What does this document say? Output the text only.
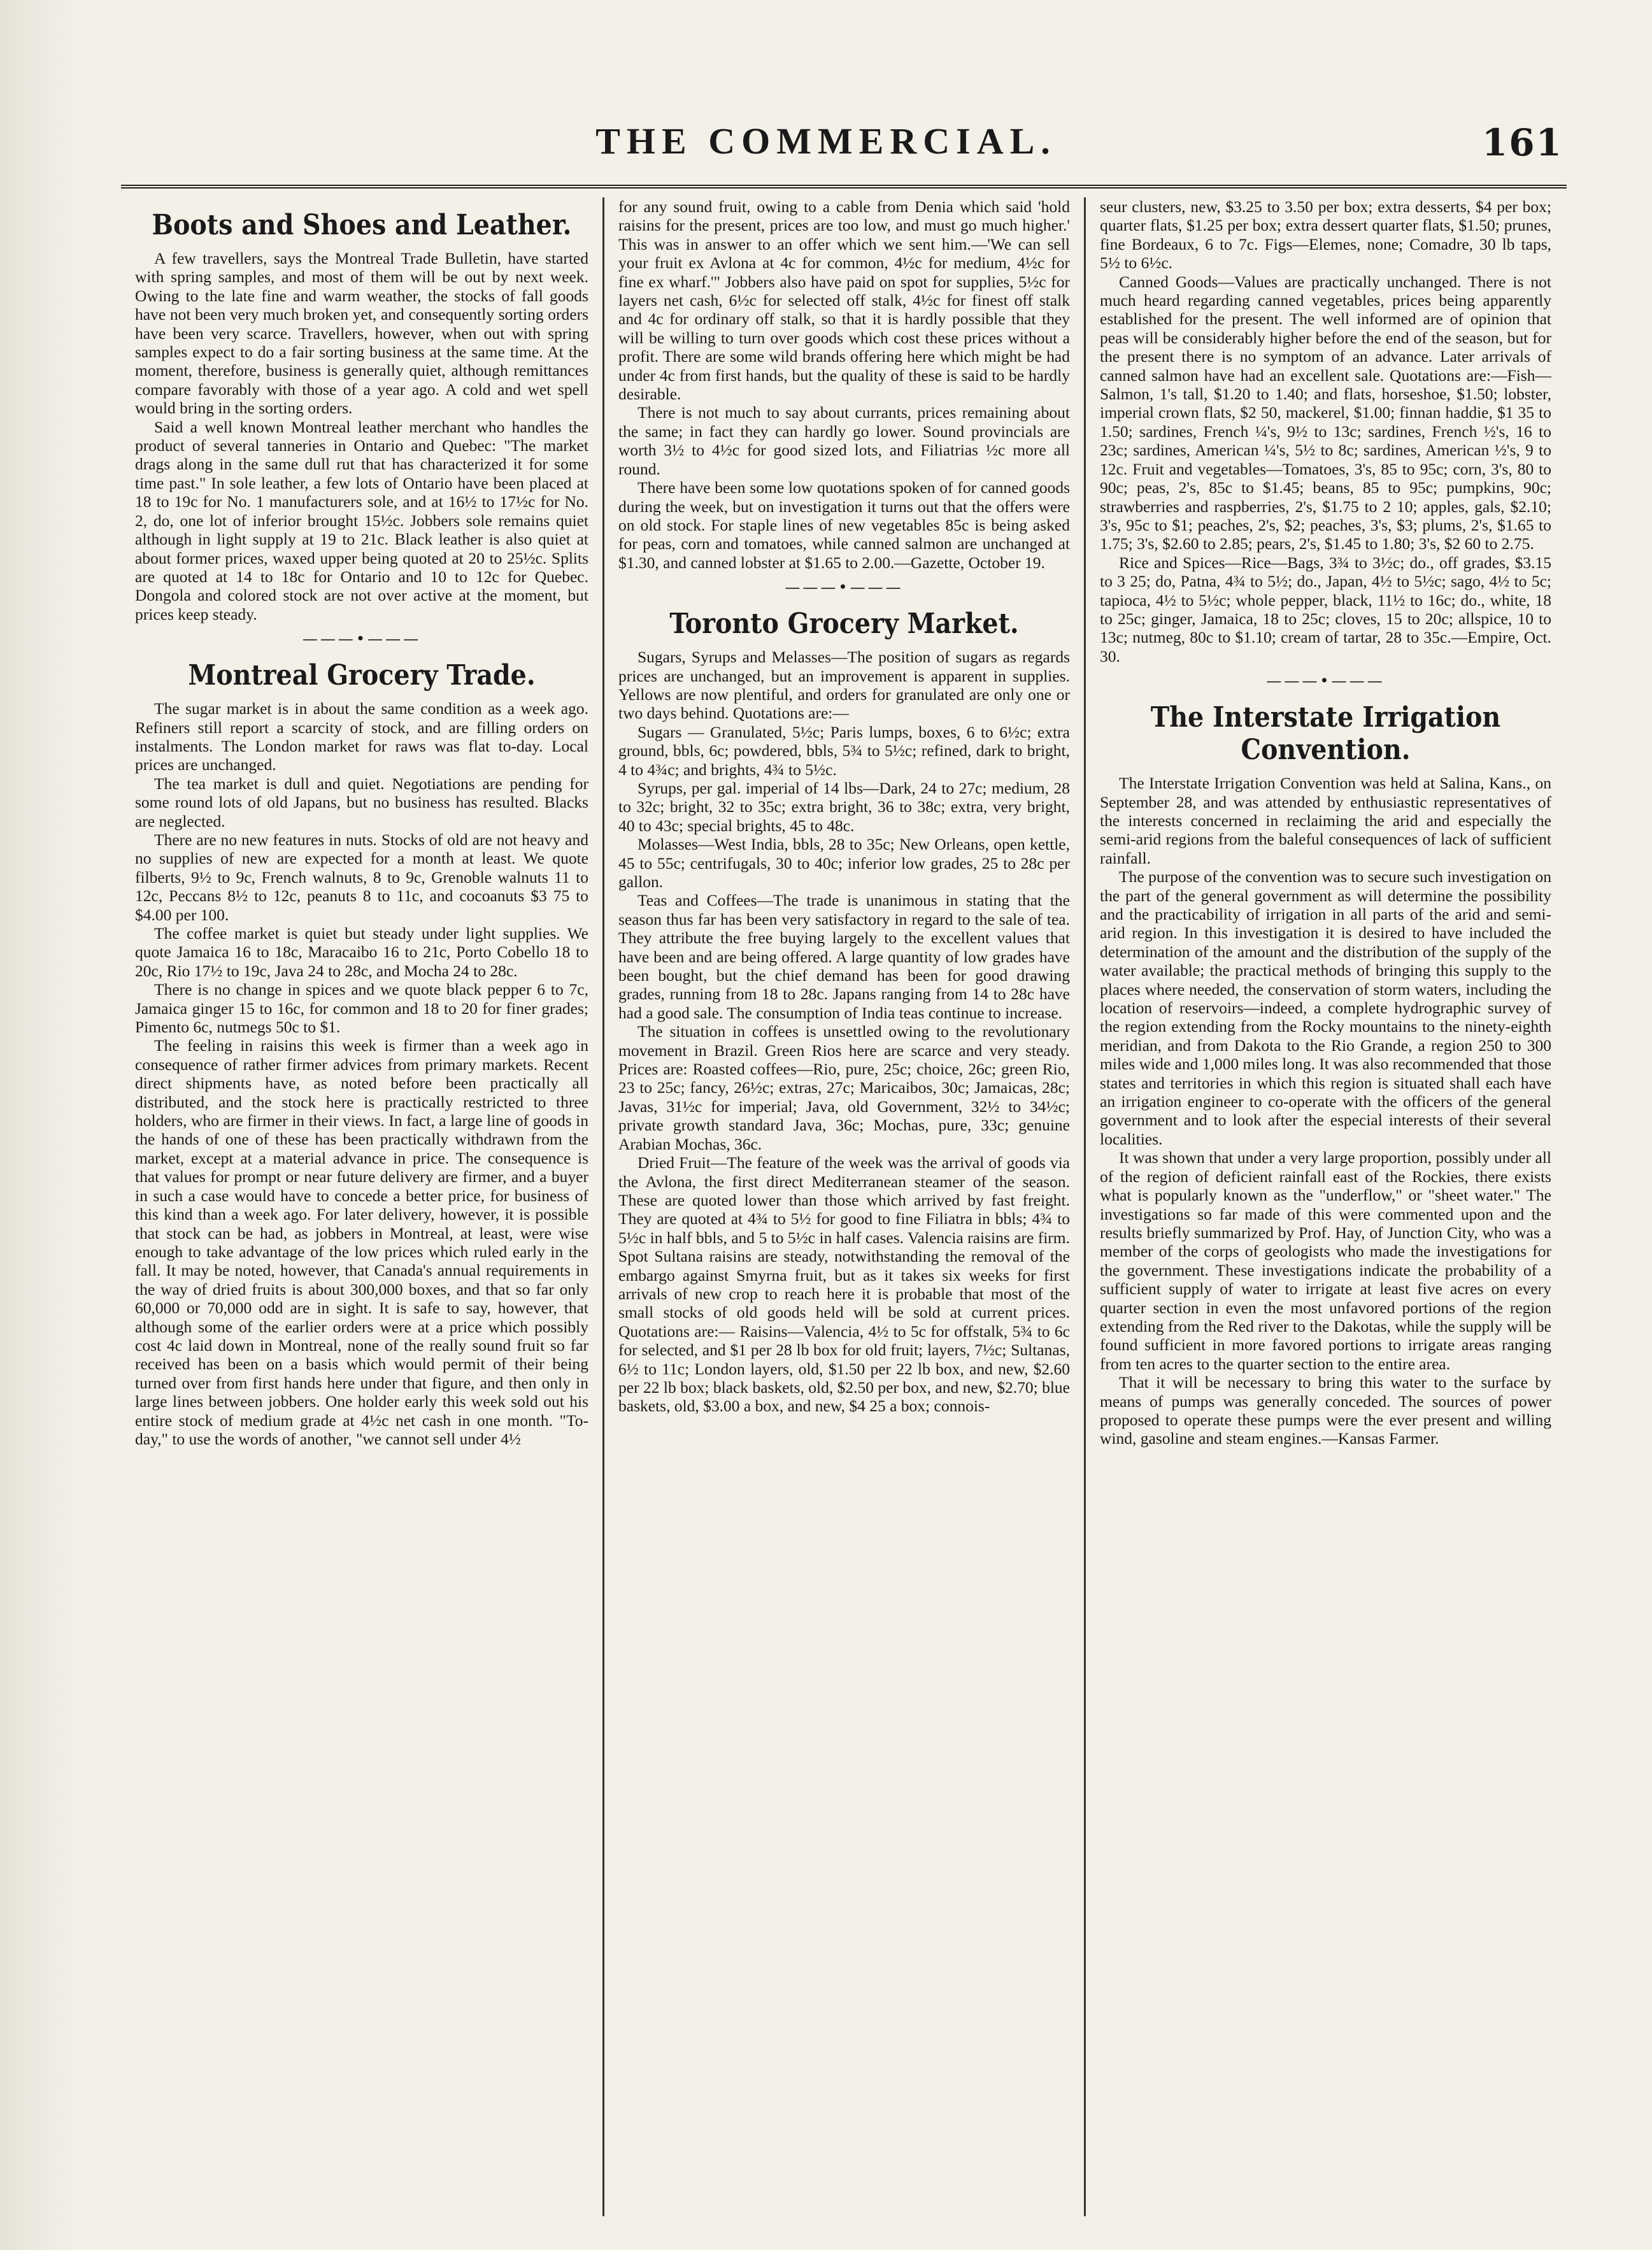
THE COMMERCIAL.	161
Boots and Shoes and Leather.

A few travellers, says the Montreal Trade Bulletin, have started with spring samples, and most of them will be out by next week. Owing to the late fine and warm weather, the stocks of fall goods have not been very much broken yet, and consequently sorting orders have been very scarce. Travellers, however, when out with spring samples expect to do a fair sorting business at the same time. At the moment, therefore, business is generally quiet, although remittances compare favorably with those of a year ago. A cold and wet spell would bring in the sorting orders.

Said a well known Montreal leather merchant who handles the product of several tanneries in Ontario and Quebec: "The market drags along in the same dull rut that has characterized it for some time past." In sole leather, a few lots of Ontario have been placed at 18 to 19c for No. 1 manufacturers sole, and at 16½ to 17½c for No. 2, do, one lot of inferior brought 15½c. Jobbers sole remains quiet although in light supply at 19 to 21c. Black leather is also quiet at about former prices, waxed upper being quoted at 20 to 25½c. Splits are quoted at 14 to 18c for Ontario and 10 to 12c for Quebec. Dongola and colored stock are not over active at the moment, but prices keep steady.

———•———
Montreal Grocery Trade.

The sugar market is in about the same condition as a week ago. Refiners still report a scarcity of stock, and are filling orders on instalments. The London market for raws was flat to-day. Local prices are unchanged.

The tea market is dull and quiet. Negotiations are pending for some round lots of old Japans, but no business has resulted. Blacks are neglected.

There are no new features in nuts. Stocks of old are not heavy and no supplies of new are expected for a month at least. We quote filberts, 9½ to 9c, French walnuts, 8 to 9c, Grenoble walnuts 11 to 12c, Peccans 8½ to 12c, peanuts 8 to 11c, and cocoanuts $3 75 to $4.00 per 100.

The coffee market is quiet but steady under light supplies. We quote Jamaica 16 to 18c, Maracaibo 16 to 21c, Porto Cobello 18 to 20c, Rio 17½ to 19c, Java 24 to 28c, and Mocha 24 to 28c.

There is no change in spices and we quote black pepper 6 to 7c, Jamaica ginger 15 to 16c, for common and 18 to 20 for finer grades; Pimento 6c, nutmegs 50c to $1.

The feeling in raisins this week is firmer than a week ago in consequence of rather firmer advices from primary markets. Recent direct shipments have, as noted before been practically all distributed, and the stock here is practically restricted to three holders, who are firmer in their views. In fact, a large line of goods in the hands of one of these has been practically withdrawn from the market, except at a material advance in price. The consequence is that values for prompt or near future delivery are firmer, and a buyer in such a case would have to concede a better price, for business of this kind than a week ago. For later delivery, however, it is possible that stock can be had, as jobbers in Montreal, at least, were wise enough to take advantage of the low prices which ruled early in the fall. It may be noted, however, that Canada's annual requirements in the way of dried fruits is about 300,000 boxes, and that so far only 60,000 or 70,000 odd are in sight. It is safe to say, however, that although some of the earlier orders were at a price which possibly cost 4c laid down in Montreal, none of the really sound fruit so far received has been on a basis which would permit of their being turned over from first hands here under that figure, and then only in large lines between jobbers. One holder early this week sold out his entire stock of medium grade at 4½c net cash in one month. "To-day," to use the words of another, "we cannot sell under 4½

for any sound fruit, owing to a cable from Denia which said 'hold raisins for the present, prices are too low, and must go much higher.' This was in answer to an offer which we sent him.—'We can sell your fruit ex Avlona at 4c for common, 4½c for medium, 4½c for fine ex wharf.'" Jobbers also have paid on spot for supplies, 5½c for layers net cash, 6½c for selected off stalk, 4½c for finest off stalk and 4c for ordinary off stalk, so that it is hardly possible that they will be willing to turn over goods which cost these prices without a profit. There are some wild brands offering here which might be had under 4c from first hands, but the quality of these is said to be hardly desirable.

There is not much to say about currants, prices remaining about the same; in fact they can hardly go lower. Sound provincials are worth 3½ to 4½c for good sized lots, and Filiatrias ½c more all round.

There have been some low quotations spoken of for canned goods during the week, but on investigation it turns out that the offers were on old stock. For staple lines of new vegetables 85c is being asked for peas, corn and tomatoes, while canned salmon are unchanged at $1.30, and canned lobster at $1.65 to 2.00.—Gazette, October 19.

———•———
Toronto Grocery Market.

Sugars, Syrups and Melasses—The position of sugars as regards prices are unchanged, but an improvement is apparent in supplies. Yellows are now plentiful, and orders for granulated are only one or two days behind. Quotations are:—

Sugars — Granulated, 5½c; Paris lumps, boxes, 6 to 6½c; extra ground, bbls, 6c; powdered, bbls, 5¾ to 5½c; refined, dark to bright, 4 to 4¾c; and brights, 4¾ to 5½c.

Syrups, per gal. imperial of 14 lbs—Dark, 24 to 27c; medium, 28 to 32c; bright, 32 to 35c; extra bright, 36 to 38c; extra, very bright, 40 to 43c; special brights, 45 to 48c.

Molasses—West India, bbls, 28 to 35c; New Orleans, open kettle, 45 to 55c; centrifugals, 30 to 40c; inferior low grades, 25 to 28c per gallon.

Teas and Coffees—The trade is unanimous in stating that the season thus far has been very satisfactory in regard to the sale of tea. They attribute the free buying largely to the excellent values that have been and are being offered. A large quantity of low grades have been bought, but the chief demand has been for good drawing grades, running from 18 to 28c. Japans ranging from 14 to 28c have had a good sale. The consumption of India teas continue to increase.

The situation in coffees is unsettled owing to the revolutionary movement in Brazil. Green Rios here are scarce and very steady. Prices are: Roasted coffees—Rio, pure, 25c; choice, 26c; green Rio, 23 to 25c; fancy, 26½c; extras, 27c; Maricaibos, 30c; Jamaicas, 28c; Javas, 31½c for imperial; Java, old Government, 32½ to 34½c; private growth standard Java, 36c; Mochas, pure, 33c; genuine Arabian Mochas, 36c.

Dried Fruit—The feature of the week was the arrival of goods via the Avlona, the first direct Mediterranean steamer of the season. These are quoted lower than those which arrived by fast freight. They are quoted at 4¾ to 5½ for good to fine Filiatra in bbls; 4¾ to 5½c in half bbls, and 5 to 5½c in half cases. Valencia raisins are firm. Spot Sultana raisins are steady, notwithstanding the removal of the embargo against Smyrna fruit, but as it takes six weeks for first arrivals of new crop to reach here it is probable that most of the small stocks of old goods held will be sold at current prices. Quotations are:— Raisins—Valencia, 4½ to 5c for offstalk, 5¾ to 6c for selected, and $1 per 28 lb box for old fruit; layers, 7½c; Sultanas, 6½ to 11c; London layers, old, $1.50 per 22 lb box, and new, $2.60 per 22 lb box; black baskets, old, $2.50 per box, and new, $2.70; blue baskets, old, $3.00 a box, and new, $4 25 a box; connois-

seur clusters, new, $3.25 to 3.50 per box; extra desserts, $4 per box; quarter flats, $1.25 per box; extra dessert quarter flats, $1.50; prunes, fine Bordeaux, 6 to 7c. Figs—Elemes, none; Comadre, 30 lb taps, 5½ to 6½c.

Canned Goods—Values are practically unchanged. There is not much heard regarding canned vegetables, prices being apparently established for the present. The well informed are of opinion that peas will be considerably higher before the end of the season, but for the present there is no symptom of an advance. Later arrivals of canned salmon have had an excellent sale. Quotations are:—Fish—Salmon, 1's tall, $1.20 to 1.40; and flats, horseshoe, $1.50; lobster, imperial crown flats, $2 50, mackerel, $1.00; finnan haddie, $1 35 to 1.50; sardines, French ¼'s, 9½ to 13c; sardines, French ½'s, 16 to 23c; sardines, American ¼'s, 5½ to 8c; sardines, American ½'s, 9 to 12c. Fruit and vegetables—Tomatoes, 3's, 85 to 95c; corn, 3's, 80 to 90c; peas, 2's, 85c to $1.45; beans, 85 to 95c; pumpkins, 90c; strawberries and raspberries, 2's, $1.75 to 2 10; apples, gals, $2.10; 3's, 95c to $1; peaches, 2's, $2; peaches, 3's, $3; plums, 2's, $1.65 to 1.75; 3's, $2.60 to 2.85; pears, 2's, $1.45 to 1.80; 3's, $2 60 to 2.75.

Rice and Spices—Rice—Bags, 3¾ to 3½c; do., off grades, $3.15 to 3 25; do, Patna, 4¾ to 5½; do., Japan, 4½ to 5½c; sago, 4½ to 5c; tapioca, 4½ to 5½c; whole pepper, black, 11½ to 16c; do., white, 18 to 25c; ginger, Jamaica, 18 to 25c; cloves, 15 to 20c; allspice, 10 to 13c; nutmeg, 80c to $1.10; cream of tartar, 28 to 35c.—Empire, Oct. 30.

———•———
The Interstate Irrigation Convention.

The Interstate Irrigation Convention was held at Salina, Kans., on September 28, and was attended by enthusiastic representatives of the interests concerned in reclaiming the arid and especially the semi-arid regions from the baleful consequences of lack of sufficient rainfall.

The purpose of the convention was to secure such investigation on the part of the general government as will determine the possibility and the practicability of irrigation in all parts of the arid and semi-arid region. In this investigation it is desired to have included the determination of the amount and the distribution of the supply of the water available; the practical methods of bringing this supply to the places where needed, the conservation of storm waters, including the location of reservoirs—indeed, a complete hydrographic survey of the region extending from the Rocky mountains to the ninety-eighth meridian, and from Dakota to the Rio Grande, a region 250 to 300 miles wide and 1,000 miles long. It was also recommended that those states and territories in which this region is situated shall each have an irrigation engineer to co-operate with the officers of the general government and to look after the especial interests of their several localities.

It was shown that under a very large proportion, possibly under all of the region of deficient rainfall east of the Rockies, there exists what is popularly known as the "underflow," or "sheet water." The investigations so far made of this were commented upon and the results briefly summarized by Prof. Hay, of Junction City, who was a member of the corps of geologists who made the investigations for the government. These investigations indicate the probability of a sufficient supply of water to irrigate at least five acres on every quarter section in even the most unfavored portions of the region extending from the Red river to the Dakotas, while the supply will be found sufficient in more favored portions to irrigate areas ranging from ten acres to the quarter section to the entire area.

That it will be necessary to bring this water to the surface by means of pumps was generally conceded. The sources of power proposed to operate these pumps were the ever present and willing wind, gasoline and steam engines.—Kansas Farmer.
